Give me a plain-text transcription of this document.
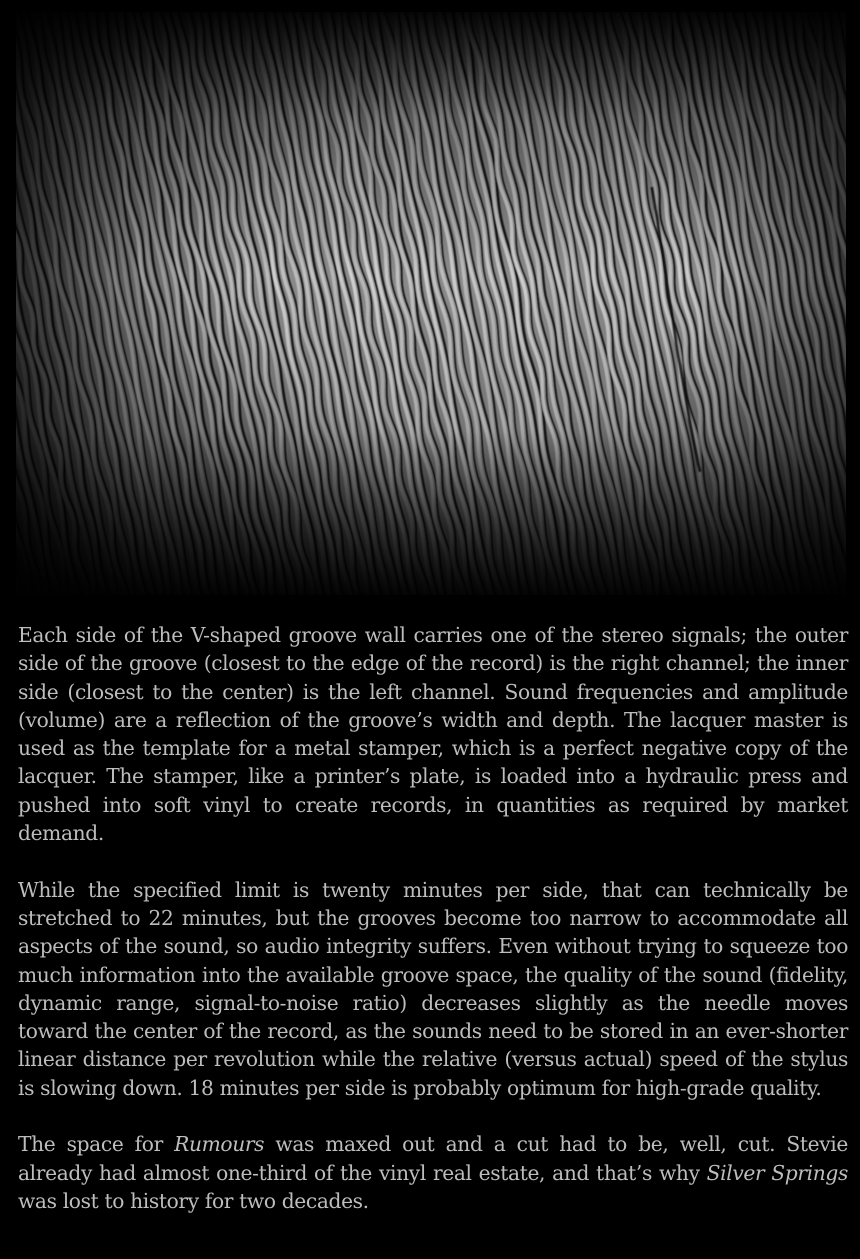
Each side of the V-shaped groove wall carries one of the stereo signals; the outer side of the groove (closest to the edge of the record) is the right channel; the inner side (closest to the center) is the left channel. Sound frequencies and amplitude (volume) are a reflection of the groove’s width and depth. The lacquer master is used as the template for a metal stamper, which is a perfect negative copy of the lacquer. The stamper, like a printer’s plate, is loaded into a hydraulic press and pushed into soft vinyl to create records, in quantities as required by market demand.

While the specified limit is twenty minutes per side, that can technically be stretched to 22 minutes, but the grooves become too narrow to accommodate all aspects of the sound, so audio integrity suffers. Even without trying to squeeze too much information into the available groove space, the quality of the sound (fidelity, dynamic range, signal-to-noise ratio) decreases slightly as the needle moves toward the center of the record, as the sounds need to be stored in an ever-shorter linear distance per revolution while the relative (versus actual) speed of the stylus is slowing down. 18 minutes per side is probably optimum for high-grade quality.

The space for Rumours was maxed out and a cut had to be, well, cut. Stevie already had almost one-third of the vinyl real estate, and that’s why Silver Springs was lost to history for two decades.
